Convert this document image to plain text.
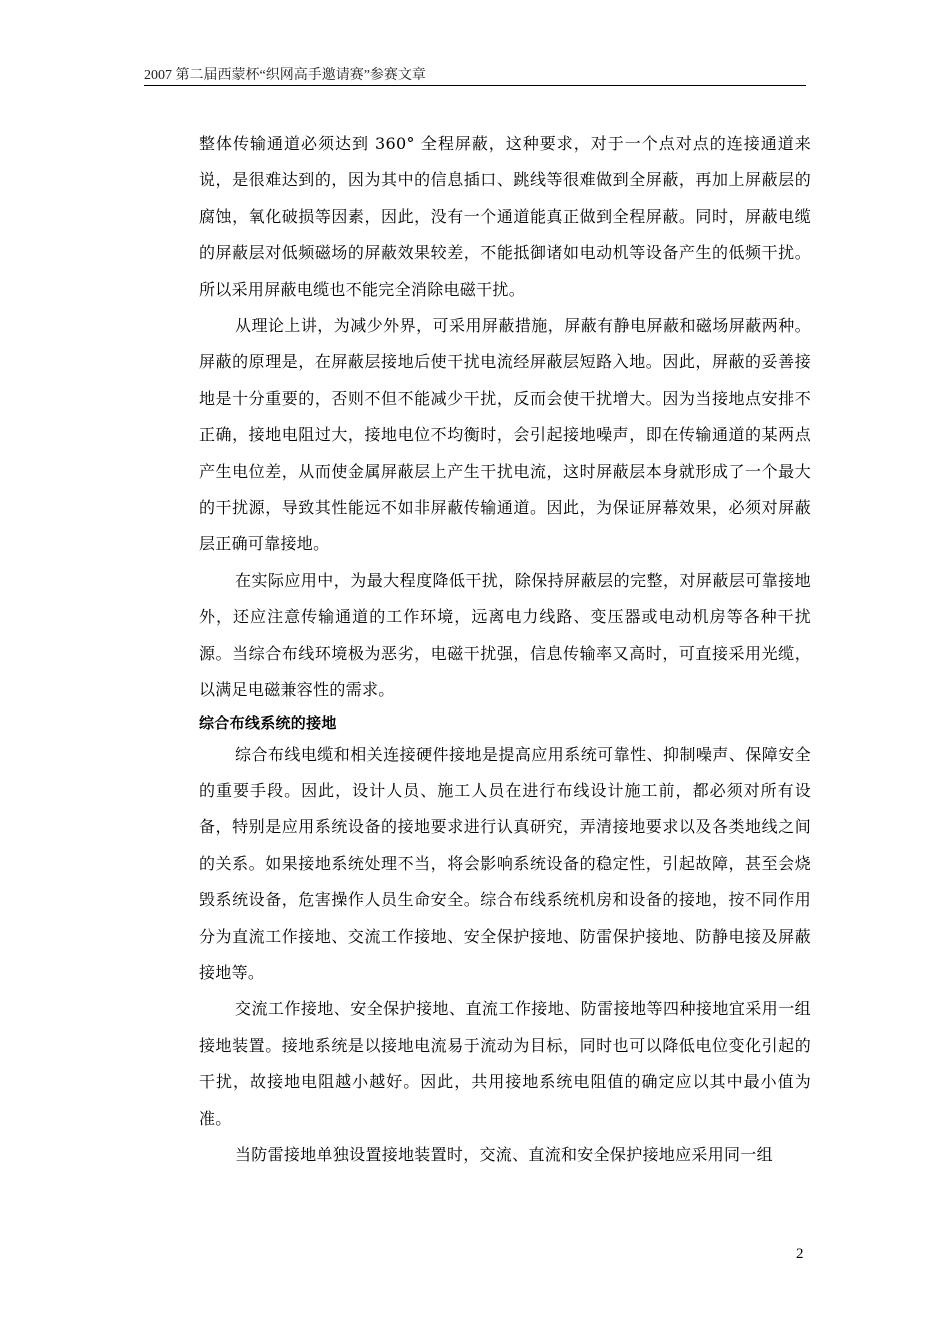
2007 第二届西蒙杯“织网高手邀请赛”参赛文章

整体传输通道必须达到 360° 全程屏蔽，这种要求，对于一个点对点的连接通道来说，是很难达到的，因为其中的信息插口、跳线等很难做到全屏蔽，再加上屏蔽层的腐蚀，氧化破损等因素，因此，没有一个通道能真正做到全程屏蔽。同时，屏蔽电缆的屏蔽层对低频磁场的屏蔽效果较差，不能抵御诸如电动机等设备产生的低频干扰。所以采用屏蔽电缆也不能完全消除电磁干扰。

从理论上讲，为减少外界，可采用屏蔽措施，屏蔽有静电屏蔽和磁场屏蔽两种。屏蔽的原理是，在屏蔽层接地后使干扰电流经屏蔽层短路入地。因此，屏蔽的妥善接地是十分重要的，否则不但不能减少干扰，反而会使干扰增大。因为当接地点安排不正确，接地电阻过大，接地电位不均衡时，会引起接地噪声，即在传输通道的某两点产生电位差，从而使金属屏蔽层上产生干扰电流，这时屏蔽层本身就形成了一个最大的干扰源，导致其性能远不如非屏蔽传输通道。因此，为保证屏幕效果，必须对屏蔽层正确可靠接地。

在实际应用中，为最大程度降低干扰，除保持屏蔽层的完整，对屏蔽层可靠接地外，还应注意传输通道的工作环境，远离电力线路、变压器或电动机房等各种干扰源。当综合布线环境极为恶劣，电磁干扰强，信息传输率又高时，可直接采用光缆，以满足电磁兼容性的需求。

综合布线系统的接地

综合布线电缆和相关连接硬件接地是提高应用系统可靠性、抑制噪声、保障安全的重要手段。因此，设计人员、施工人员在进行布线设计施工前，都必须对所有设备，特别是应用系统设备的接地要求进行认真研究，弄清接地要求以及各类地线之间的关系。如果接地系统处理不当，将会影响系统设备的稳定性，引起故障，甚至会烧毁系统设备，危害操作人员生命安全。综合布线系统机房和设备的接地，按不同作用分为直流工作接地、交流工作接地、安全保护接地、防雷保护接地、防静电接及屏蔽接地等。

交流工作接地、安全保护接地、直流工作接地、防雷接地等四种接地宜采用一组接地装置。接地系统是以接地电流易于流动为目标，同时也可以降低电位变化引起的干扰，故接地电阻越小越好。因此，共用接地系统电阻值的确定应以其中最小值为准。

当防雷接地单独设置接地装置时，交流、直流和安全保护接地应采用同一组

2
